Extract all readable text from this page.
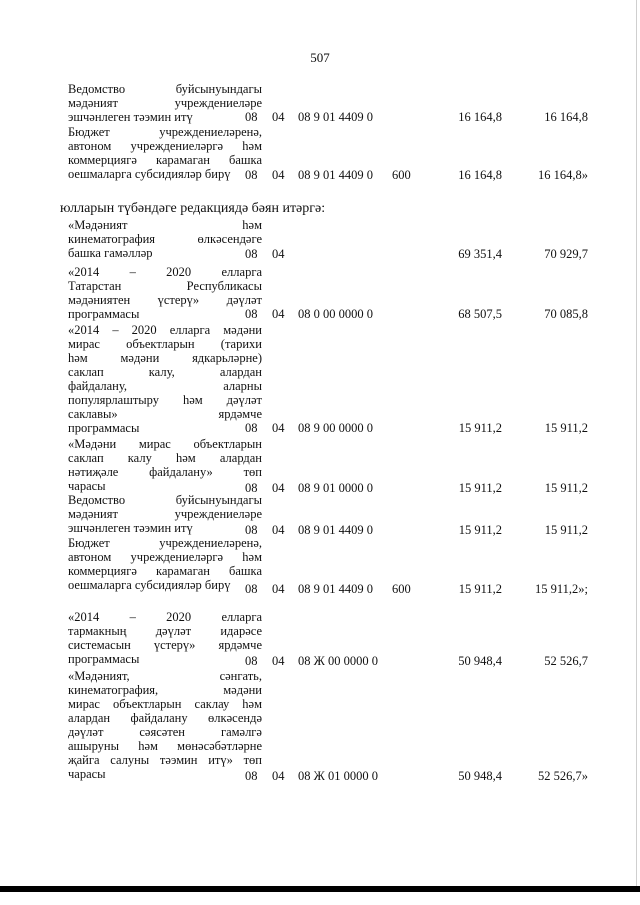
507
юлларын түбәндәге редакциядә бәян итәргә:
Ведомство буйсынуындагы
мәдәният учреждениеләре
эшчәнлеген тәэмин итү	08 04 08 9 01 4409 0	16 164,8	16 164,8
Бюджет учреждениеләренә,
автоном учреждениеләргә һәм
коммерциягә карамаган башка
оешмаларга субсидияләр бирү	08 04 08 9 01 4409 0 600	16 164,8	16 164,8»
«Мәдәният һәм
кинематография өлкәсендәге
башка гамәлләр	08 04	69 351,4	70 929,7
«2014 – 2020 елларга
Татарстан Республикасы
мәдәниятен үстерү» дәүләт
программасы	08 04 08 0 00 0000 0	68 507,5	70 085,8
«2014 – 2020 елларга мәдәни
мирас объектларын (тарихи
һәм мәдәни ядкарьләрне)
саклап калу, алардан
файдалану, аларны
популярлаштыру һәм дәүләт
саклавы» ярдәмче
программасы	08 04 08 9 00 0000 0	15 911,2	15 911,2
«Мәдәни мирас объектларын
саклап калу һәм алардан
нәтиҗәле файдалану» төп
чарасы	08 04 08 9 01 0000 0	15 911,2	15 911,2
Ведомство буйсынуындагы
мәдәният учреждениеләре
эшчәнлеген тәэмин итү	08 04 08 9 01 4409 0	15 911,2	15 911,2
Бюджет учреждениеләренә,
автоном учреждениеләргә һәм
коммерциягә карамаган башка
оешмаларга субсидияләр бирү	08 04 08 9 01 4409 0 600	15 911,2	15 911,2»;
«2014 – 2020 елларга
тармакның дәүләт идарәсе
системасын үстерү» ярдәмче
программасы	08 04 08 Ж 00 0000 0	50 948,4	52 526,7
«Мәдәният, сәнгать,
кинематография, мәдәни
мирас объектларын саклау һәм
алардан файдалану өлкәсендә
дәүләт сәясәтен гамәлгә
ашыруны һәм мөнәсәбәтләрне
җайга салуны тәэмин итү» төп
чарасы	08 04 08 Ж 01 0000 0	50 948,4	52 526,7»
